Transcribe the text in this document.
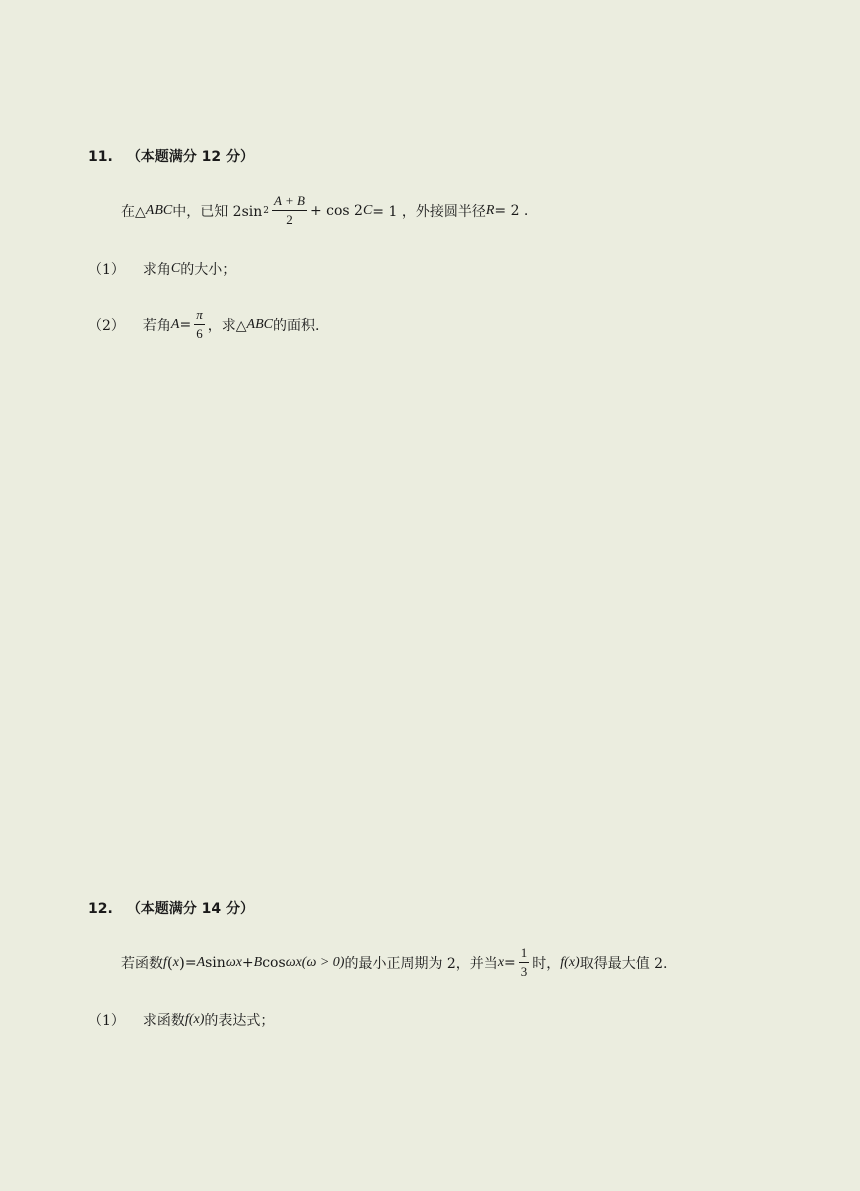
11. （本题满分 12 分）
在△ ABC 中，已知 2sin $2 \frac{A + B}{2} + \cos 2$ C = 1 ，外接圆半径 R = 2 .
（1） 求角 C 的大小；
（2） 若角 $A = \frac{\pi}{6}$ ，求△ ABC 的面积.
12. （本题满分 14 分）
若函数 f ( x ) = A sin ωx + B cos ωx (ω > 0) 的最小正周期为 2，并当 $x = \frac{1}{3}$ 时， f (x) 取得最大值 2.
（1） 求函数 f (x) 的表达式；
